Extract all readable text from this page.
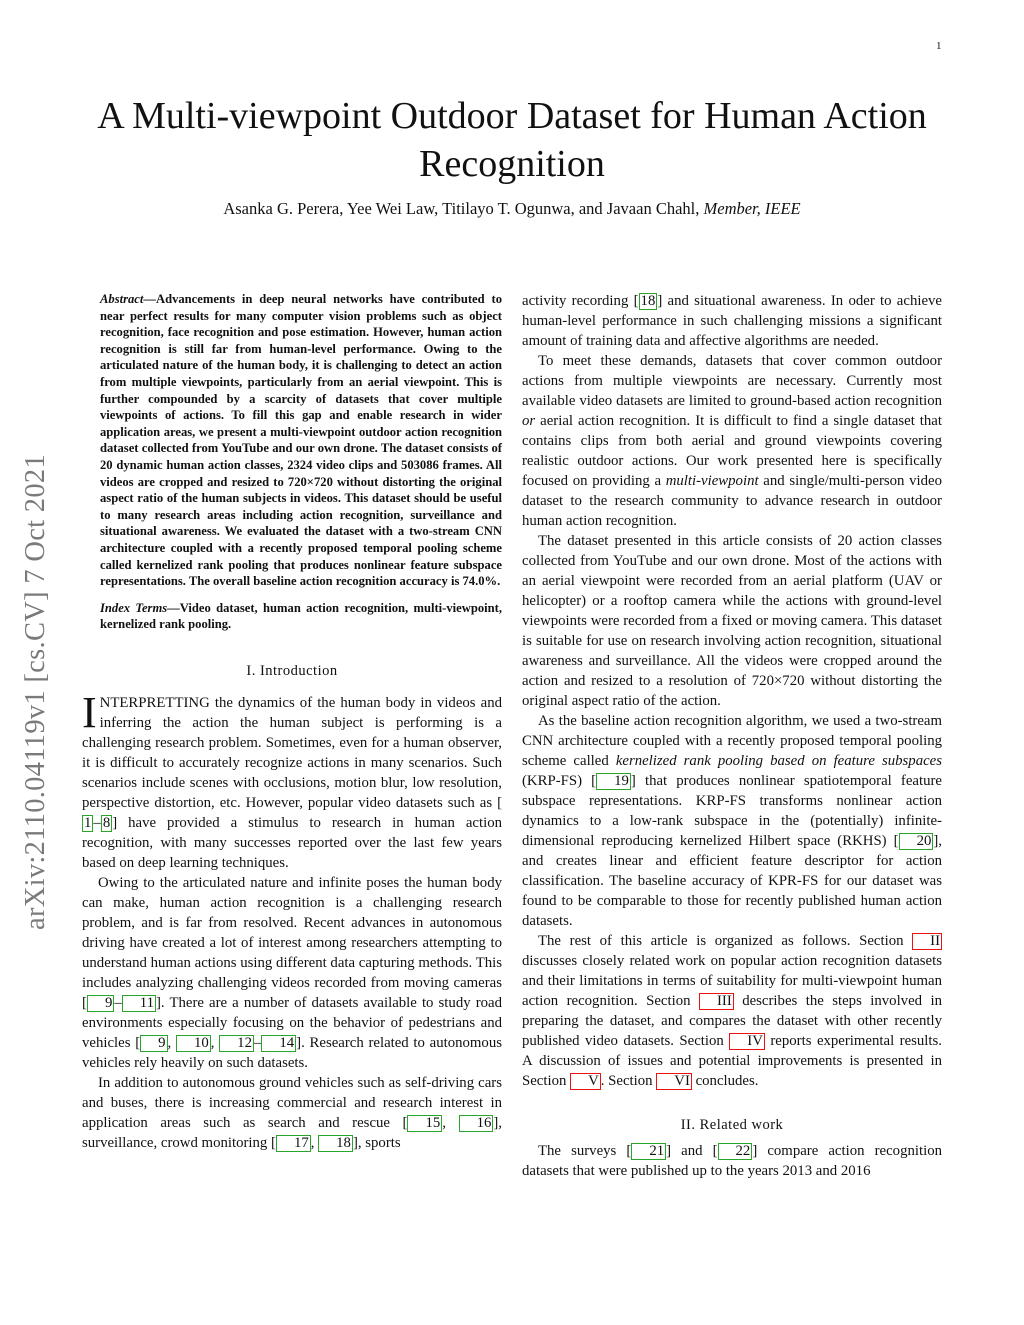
1
A Multi-viewpoint Outdoor Dataset for Human Action Recognition
Asanka G. Perera, Yee Wei Law, Titilayo T. Ogunwa, and Javaan Chahl, Member, IEEE
arXiv:2110.04119v1 [cs.CV] 7 Oct 2021

Abstract—Advancements in deep neural networks have contributed to near perfect results for many computer vision problems such as object recognition, face recognition and pose estimation. However, human action recognition is still far from human-level performance. Owing to the articulated nature of the human body, it is challenging to detect an action from multiple viewpoints, particularly from an aerial viewpoint. This is further compounded by a scarcity of datasets that cover multiple viewpoints of actions. To fill this gap and enable research in wider application areas, we present a multi-viewpoint outdoor action recognition dataset collected from YouTube and our own drone. The dataset consists of 20 dynamic human action classes, 2324 video clips and 503086 frames. All videos are cropped and resized to 720×720 without distorting the original aspect ratio of the human subjects in videos. This dataset should be useful to many research areas including action recognition, surveillance and situational awareness. We evaluated the dataset with a two-stream CNN architecture coupled with a recently proposed temporal pooling scheme called kernelized rank pooling that produces nonlinear feature subspace representations. The overall baseline action recognition accuracy is 74.0%.

Index Terms—Video dataset, human action recognition, multi-viewpoint, kernelized rank pooling.

I. Introduction

INTERPRETTING the dynamics of the human body in videos and inferring the action the human subject is performing is a challenging research problem. Sometimes, even for a human observer, it is difficult to accurately recognize actions in many scenarios. Such scenarios include scenes with occlusions, motion blur, low resolution, perspective distortion, etc. However, popular video datasets such as [1 – 8 ] have provided a stimulus to research in human action recognition, with many successes reported over the last few years based on deep learning techniques.

Owing to the articulated nature and infinite poses the human body can make, human action recognition is a challenging research problem, and is far from resolved. Recent advances in autonomous driving have created a lot of interest among researchers attempting to understand human actions using different data capturing methods. This includes analyzing challenging videos recorded from moving cameras [ 9 – 11 ]. There are a number of datasets available to study road environments especially focusing on the behavior of pedestrians and vehicles [ 9 , 10 , 12 – 14 ]. Research related to autonomous vehicles rely heavily on such datasets.

In addition to autonomous ground vehicles such as self-driving cars and buses, there is increasing commercial and research interest in application areas such as search and rescue [ 15 , 16 ], surveillance, crowd monitoring [ 17 , 18 ], sports

activity recording [ 18 ] and situational awareness. In oder to achieve human-level performance in such challenging missions a significant amount of training data and affective algorithms are needed.

To meet these demands, datasets that cover common outdoor actions from multiple viewpoints are necessary. Currently most available video datasets are limited to ground-based action recognition or aerial action recognition. It is difficult to find a single dataset that contains clips from both aerial and ground viewpoints covering realistic outdoor actions. Our work presented here is specifically focused on providing a multi-viewpoint and single/multi-person video dataset to the research community to advance research in outdoor human action recognition.

The dataset presented in this article consists of 20 action classes collected from YouTube and our own drone. Most of the actions with an aerial viewpoint were recorded from an aerial platform (UAV or helicopter) or a rooftop camera while the actions with ground-level viewpoints were recorded from a fixed or moving camera. This dataset is suitable for use on research involving action recognition, situational awareness and surveillance. All the videos were cropped around the action and resized to a resolution of 720×720 without distorting the original aspect ratio of the action.

As the baseline action recognition algorithm, we used a two-stream CNN architecture coupled with a recently proposed temporal pooling scheme called kernelized rank pooling based on feature subspaces (KRP-FS) [ 19 ] that produces nonlinear spatiotemporal feature subspace representations. KRP-FS transforms nonlinear action dynamics to a low-rank subspace in the (potentially) infinite-dimensional reproducing kernelized Hilbert space (RKHS) [ 20 ], and creates linear and efficient feature descriptor for action classification. The baseline accuracy of KPR-FS for our dataset was found to be comparable to those for recently published human action datasets.

The rest of this article is organized as follows. Section II discusses closely related work on popular action recognition datasets and their limitations in terms of suitability for multi-viewpoint human action recognition. Section III describes the steps involved in preparing the dataset, and compares the dataset with other recently published video datasets. Section IV reports experimental results. A discussion of issues and potential improvements is presented in Section V . Section VI concludes.

II. Related work

The surveys [ 21 ] and [ 22 ] compare action recognition datasets that were published up to the years 2013 and 2016
